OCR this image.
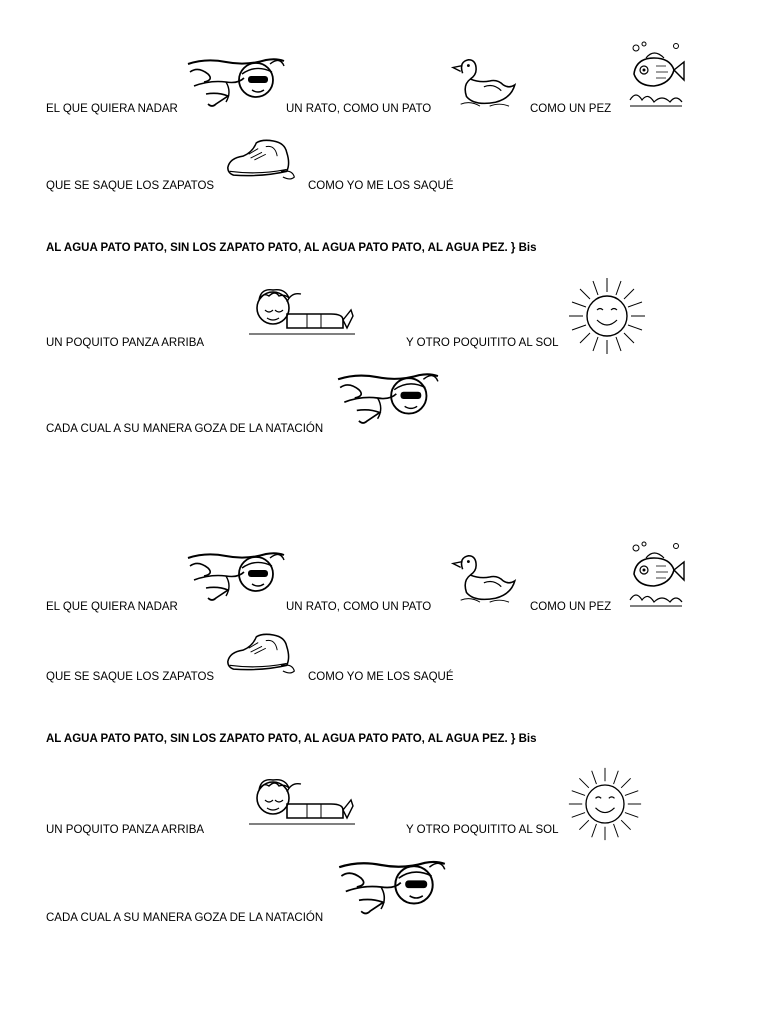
EL QUE QUIERA NADAR	UN RATO, COMO UN PATO	COMO UN PEZ
QUE SE SAQUE LOS ZAPATOS	COMO YO ME LOS SAQUÉ
AL AGUA PATO PATO, SIN LOS ZAPATO PATO, AL AGUA PATO PATO, AL AGUA PEZ. } Bis
UN POQUITO PANZA ARRIBA	Y OTRO POQUITITO AL SOL
CADA CUAL A SU MANERA GOZA DE LA NATACIÓN
EL QUE QUIERA NADAR	UN RATO, COMO UN PATO	COMO UN PEZ
QUE SE SAQUE LOS ZAPATOS	COMO YO ME LOS SAQUÉ
AL AGUA PATO PATO, SIN LOS ZAPATO PATO, AL AGUA PATO PATO, AL AGUA PEZ. } Bis
UN POQUITO PANZA ARRIBA	Y OTRO POQUITITO AL SOL
CADA CUAL A SU MANERA GOZA DE LA NATACIÓN
